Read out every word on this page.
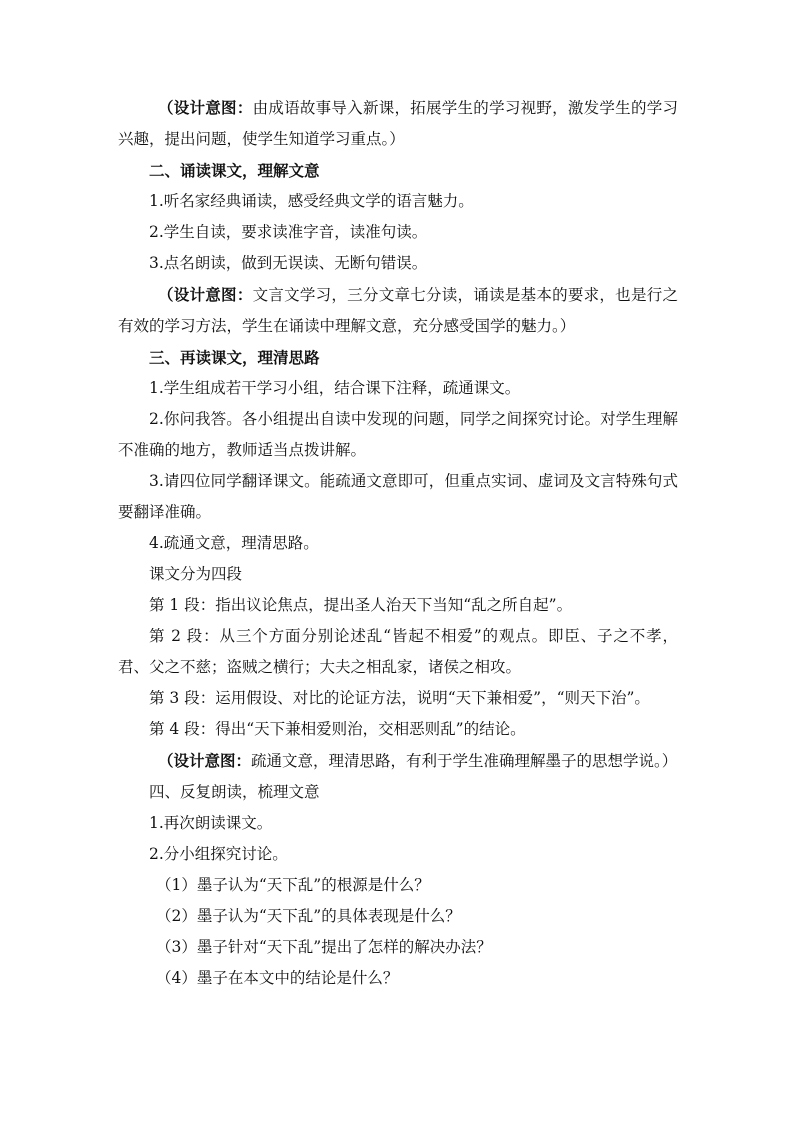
（设计意图：由成语故事导入新课，拓展学生的学习视野，激发学生的学习兴趣，提出问题，使学生知道学习重点。）

二、诵读课文，理解文意

1.听名家经典诵读，感受经典文学的语言魅力。

2.学生自读，要求读准字音，读准句读。

3.点名朗读，做到无误读、无断句错误。

（设计意图：文言文学习，三分文章七分读，诵读是基本的要求，也是行之有效的学习方法，学生在诵读中理解文意，充分感受国学的魅力。）

三、再读课文，理清思路

1.学生组成若干学习小组，结合课下注释，疏通课文。

2.你问我答。各小组提出自读中发现的问题，同学之间探究讨论。对学生理解不准确的地方，教师适当点拨讲解。

3.请四位同学翻译课文。能疏通文意即可，但重点实词、虚词及文言特殊句式要翻译准确。

4.疏通文意，理清思路。

课文分为四段

第 1 段：指出议论焦点，提出圣人治天下当知“乱之所自起”。

第 2 段：从三个方面分别论述乱“皆起不相爱”的观点。即臣、子之不孝，君、父之不慈；盗贼之横行；大夫之相乱家，诸侯之相攻。

第 3 段：运用假设、对比的论证方法，说明“天下兼相爱”，“则天下治”。

第 4 段：得出“天下兼相爱则治，交相恶则乱”的结论。

（设计意图：疏通文意，理清思路，有利于学生准确理解墨子的思想学说。）

四、反复朗读，梳理文意

1.再次朗读课文。

2.分小组探究讨论。

（1）墨子认为“天下乱”的根源是什么？

（2）墨子认为“天下乱”的具体表现是什么？

（3）墨子针对“天下乱”提出了怎样的解决办法？

（4）墨子在本文中的结论是什么？
